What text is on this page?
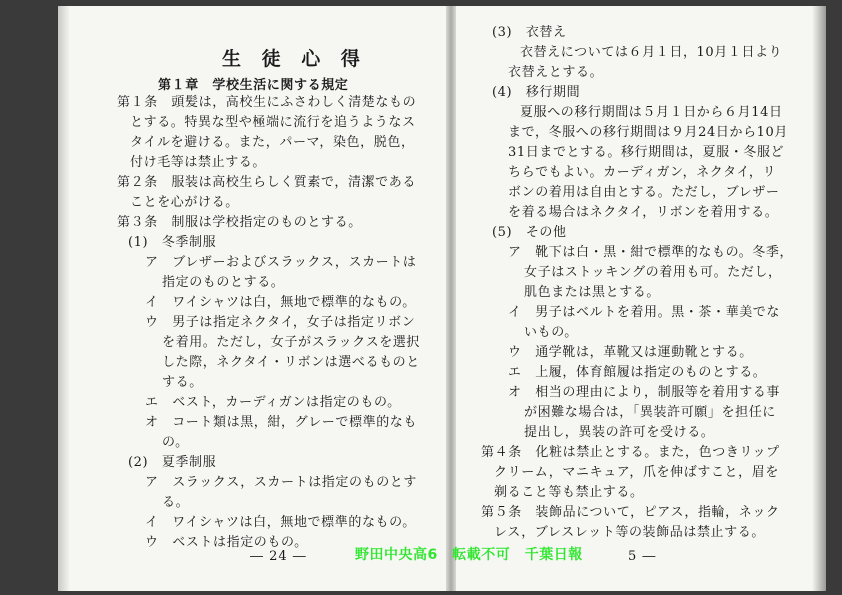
生 徒 心 得
第１章　学校生活に関する規定
第１条　頭髪は，高校生にふさわしく清楚なもの
とする。特異な型や極端に流行を追うようなス
タイルを避ける。また，パーマ，染色，脱色，
付け毛等は禁止する。
第２条　服装は高校生らしく質素で，清潔である
ことを心がける。
第３条　制服は学校指定のものとする。
(1)　冬季制服
ア　ブレザーおよびスラックス，スカートは
指定のものとする。
イ　ワイシャツは白，無地で標準的なもの。
ウ　男子は指定ネクタイ，女子は指定リボン
を着用。ただし，女子がスラックスを選択
した際，ネクタイ・リボンは選べるものと
する。
エ　ベスト，カーディガンは指定のもの。
オ　コート類は黒，紺，グレーで標準的なも
の。
(2)　夏季制服
ア　スラックス，スカートは指定のものとす
る。
イ　ワイシャツは白，無地で標準的なもの。
ウ　ベストは指定のもの。
― 24 ―
(3)　衣替え
衣替えについては６月１日，10月１日より
衣替えとする。
(4)　移行期間
夏服への移行期間は５月１日から６月14日
まで，冬服への移行期間は９月24日から10月
31日までとする。移行期間は，夏服・冬服ど
ちらでもよい。カーディガン，ネクタイ，リ
ボンの着用は自由とする。ただし，ブレザー
を着る場合はネクタイ，リボンを着用する。
(5)　その他
ア　靴下は白・黒・紺で標準的なもの。冬季，
女子はストッキングの着用も可。ただし，
肌色または黒とする。
イ　男子はベルトを着用。黒・茶・華美でな
いもの。
ウ　通学靴は，革靴又は運動靴とする。
エ　上履，体育館履は指定のものとする。
オ　相当の理由により，制服等を着用する事
が困難な場合は，「異装許可願」を担任に
提出し，異装の許可を受ける。
第４条　化粧は禁止とする。また，色つきリップ
クリーム，マニキュア，爪を伸ばすこと，眉を
剃ること等も禁止する。
第５条　装飾品について，ピアス，指輪，ネック
レス，ブレスレット等の装飾品は禁止する。
5 ―
野田中央高6　転載不可　千葉日報
